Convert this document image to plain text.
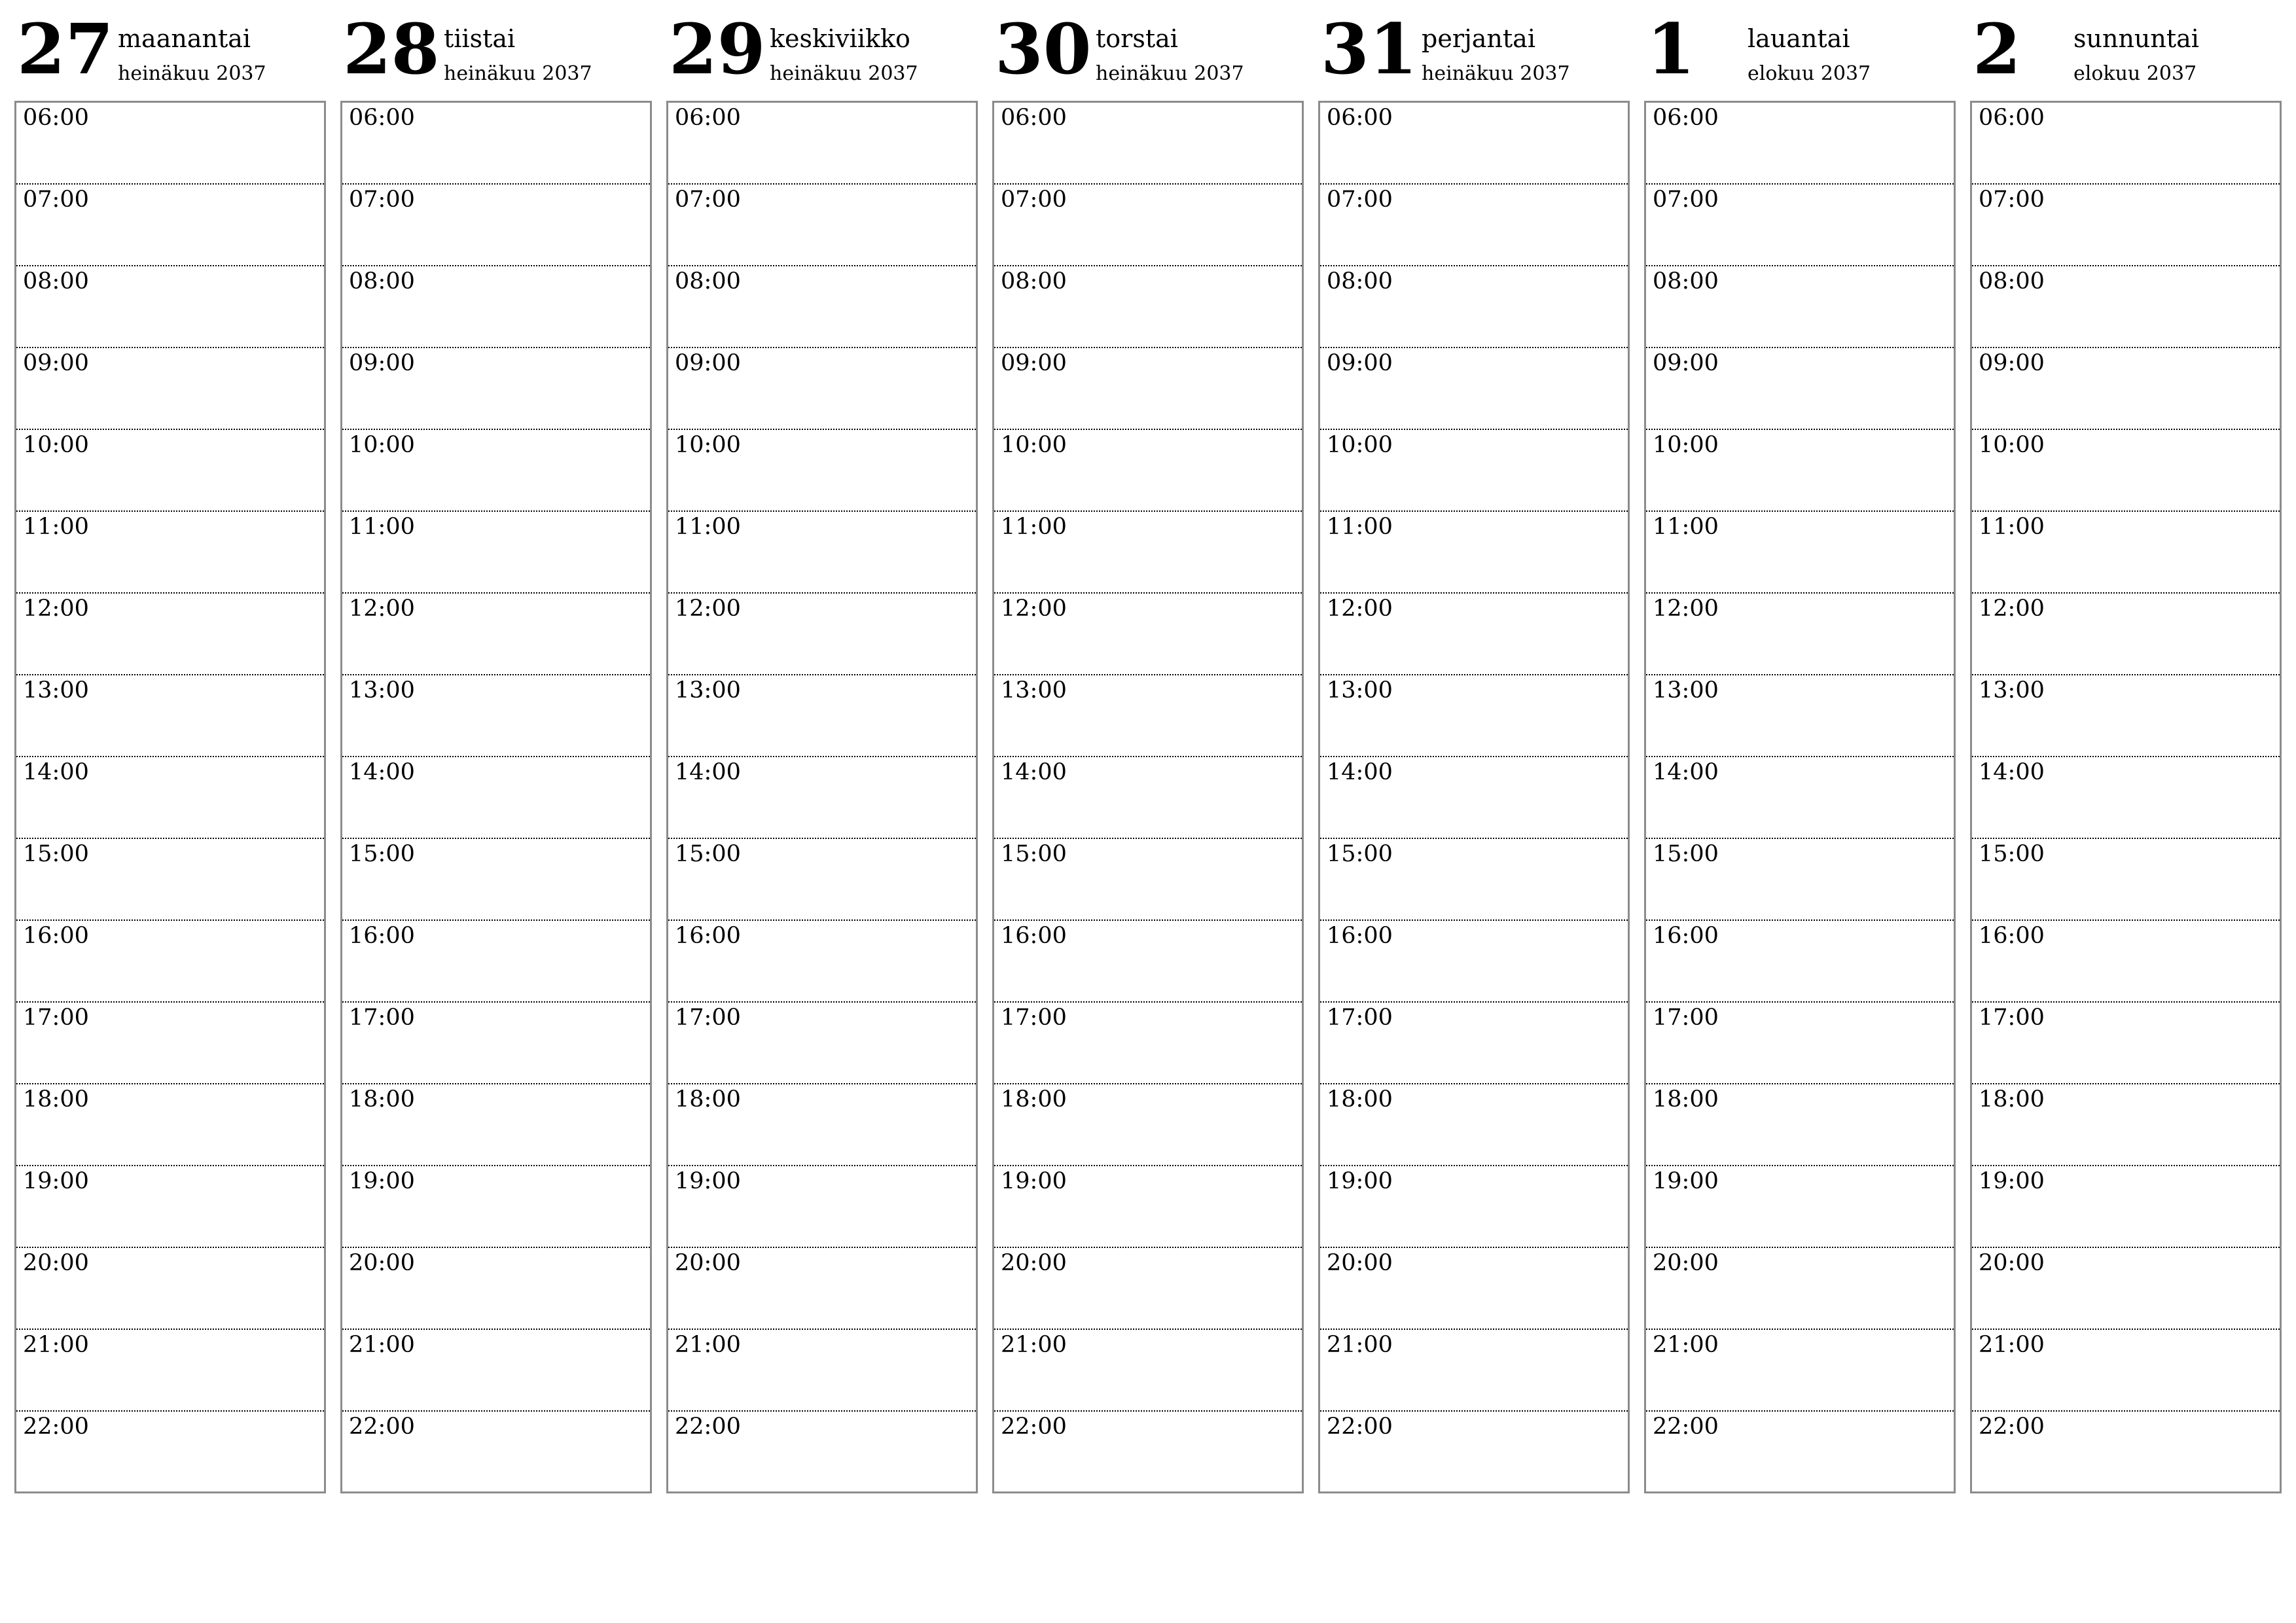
27 maanantai
heinäkuu 2037
06:00
07:00
08:00
09:00
10:00
11:00
12:00
13:00
14:00
15:00
16:00
17:00
18:00
19:00
20:00
21:00
22:00
28 tiistai
heinäkuu 2037
06:00
07:00
08:00
09:00
10:00
11:00
12:00
13:00
14:00
15:00
16:00
17:00
18:00
19:00
20:00
21:00
22:00
29 keskiviikko
heinäkuu 2037
06:00
07:00
08:00
09:00
10:00
11:00
12:00
13:00
14:00
15:00
16:00
17:00
18:00
19:00
20:00
21:00
22:00
30 torstai
heinäkuu 2037
06:00
07:00
08:00
09:00
10:00
11:00
12:00
13:00
14:00
15:00
16:00
17:00
18:00
19:00
20:00
21:00
22:00
31 perjantai
heinäkuu 2037
06:00
07:00
08:00
09:00
10:00
11:00
12:00
13:00
14:00
15:00
16:00
17:00
18:00
19:00
20:00
21:00
22:00
1 lauantai
elokuu 2037
06:00
07:00
08:00
09:00
10:00
11:00
12:00
13:00
14:00
15:00
16:00
17:00
18:00
19:00
20:00
21:00
22:00
2 sunnuntai
elokuu 2037
06:00
07:00
08:00
09:00
10:00
11:00
12:00
13:00
14:00
15:00
16:00
17:00
18:00
19:00
20:00
21:00
22:00
